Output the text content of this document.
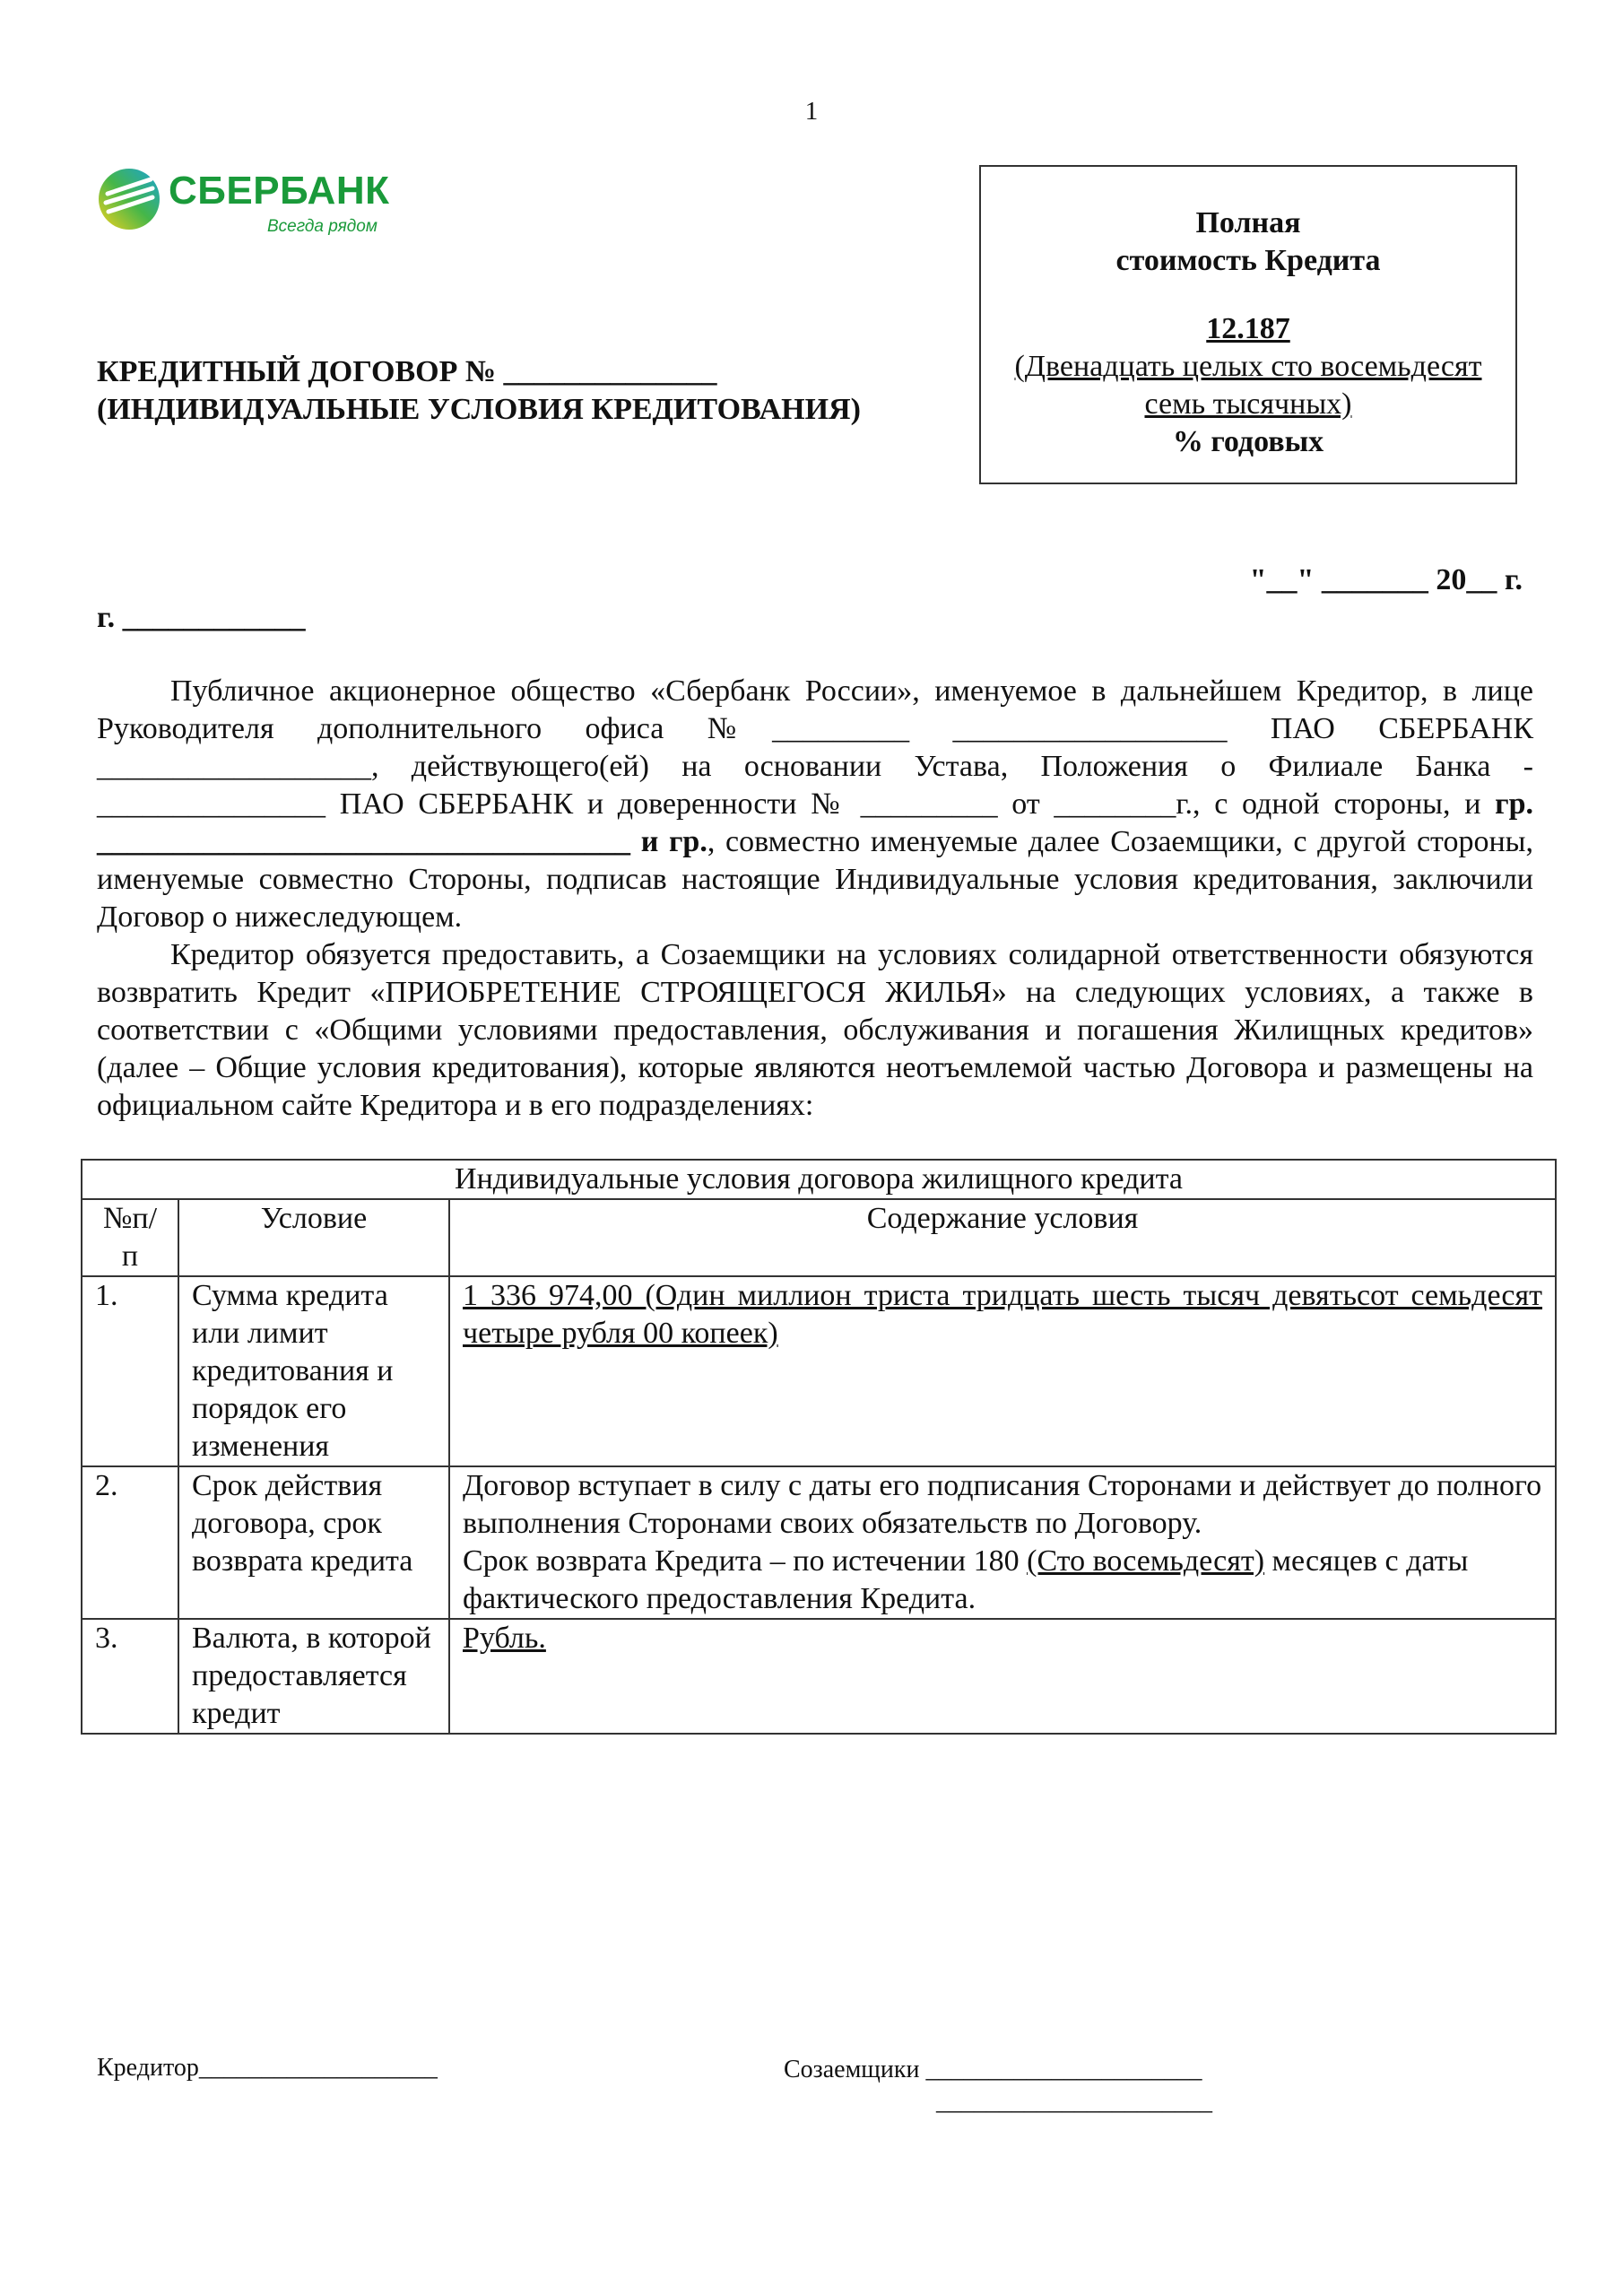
1
СБЕРБАНК
Всегда рядом	Полная
стоимость Кредита
12.187
(Двенадцать целых сто восемьдесят
семь тысячных)
% годовых
КРЕДИТНЫЙ ДОГОВОР № ______________
(ИНДИВИДУАЛЬНЫЕ УСЛОВИЯ КРЕДИТОВАНИЯ)
"__" _______ 20__ г.
г. ____________

Публичное акционерное общество «Сбербанк России», именуемое в дальнейшем Кредитор, в лице Руководителя дополнительного офиса №_________ __________________ ПАО СБЕРБАНК __________________, действующего(ей) на основании Устава, Положения о Филиале Банка - _______________ ПАО СБЕРБАНК и доверенности № _________ от ________г., с одной стороны, и гр. ___________________________________ и гр., совместно именуемые далее Созаемщики, с другой стороны, именуемые совместно Стороны, подписав настоящие Индивидуальные условия кредитования, заключили Договор о нижеследующем.

Кредитор обязуется предоставить, а Созаемщики на условиях солидарной ответственности обязуются возвратить Кредит «ПРИОБРЕТЕНИЕ СТРОЯЩЕГОСЯ ЖИЛЬЯ» на следующих условиях, а также в соответствии с «Общими условиями предоставления, обслуживания и погашения Жилищных кредитов» (далее – Общие условия кредитования), которые являются неотъемлемой частью Договора и размещены на официальном сайте Кредитора и в его подразделениях:

Индивидуальные условия договора жилищного кредита		
№п/п	Условие	Содержание условия
1.	Сумма кредита или лимит кредитования и порядок его изменения	1 336 974,00 (Один миллион триста тридцать шесть тысяч девятьсот семьдесят четыре рубля 00 копеек)
2.	Срок действия договора, срок возврата кредита	Договор вступает в силу с даты его подписания Сторонами и действует до полного выполнения Сторонами своих обязательств по Договору.
Срок возврата Кредита – по истечении 180 (Сто восемьдесят) месяцев с даты фактического предоставления Кредита.

3.	Валюта, в которой предоставляется кредит	Рубль.
Кредитор___________________	Созаемщики ______________________
______________________
